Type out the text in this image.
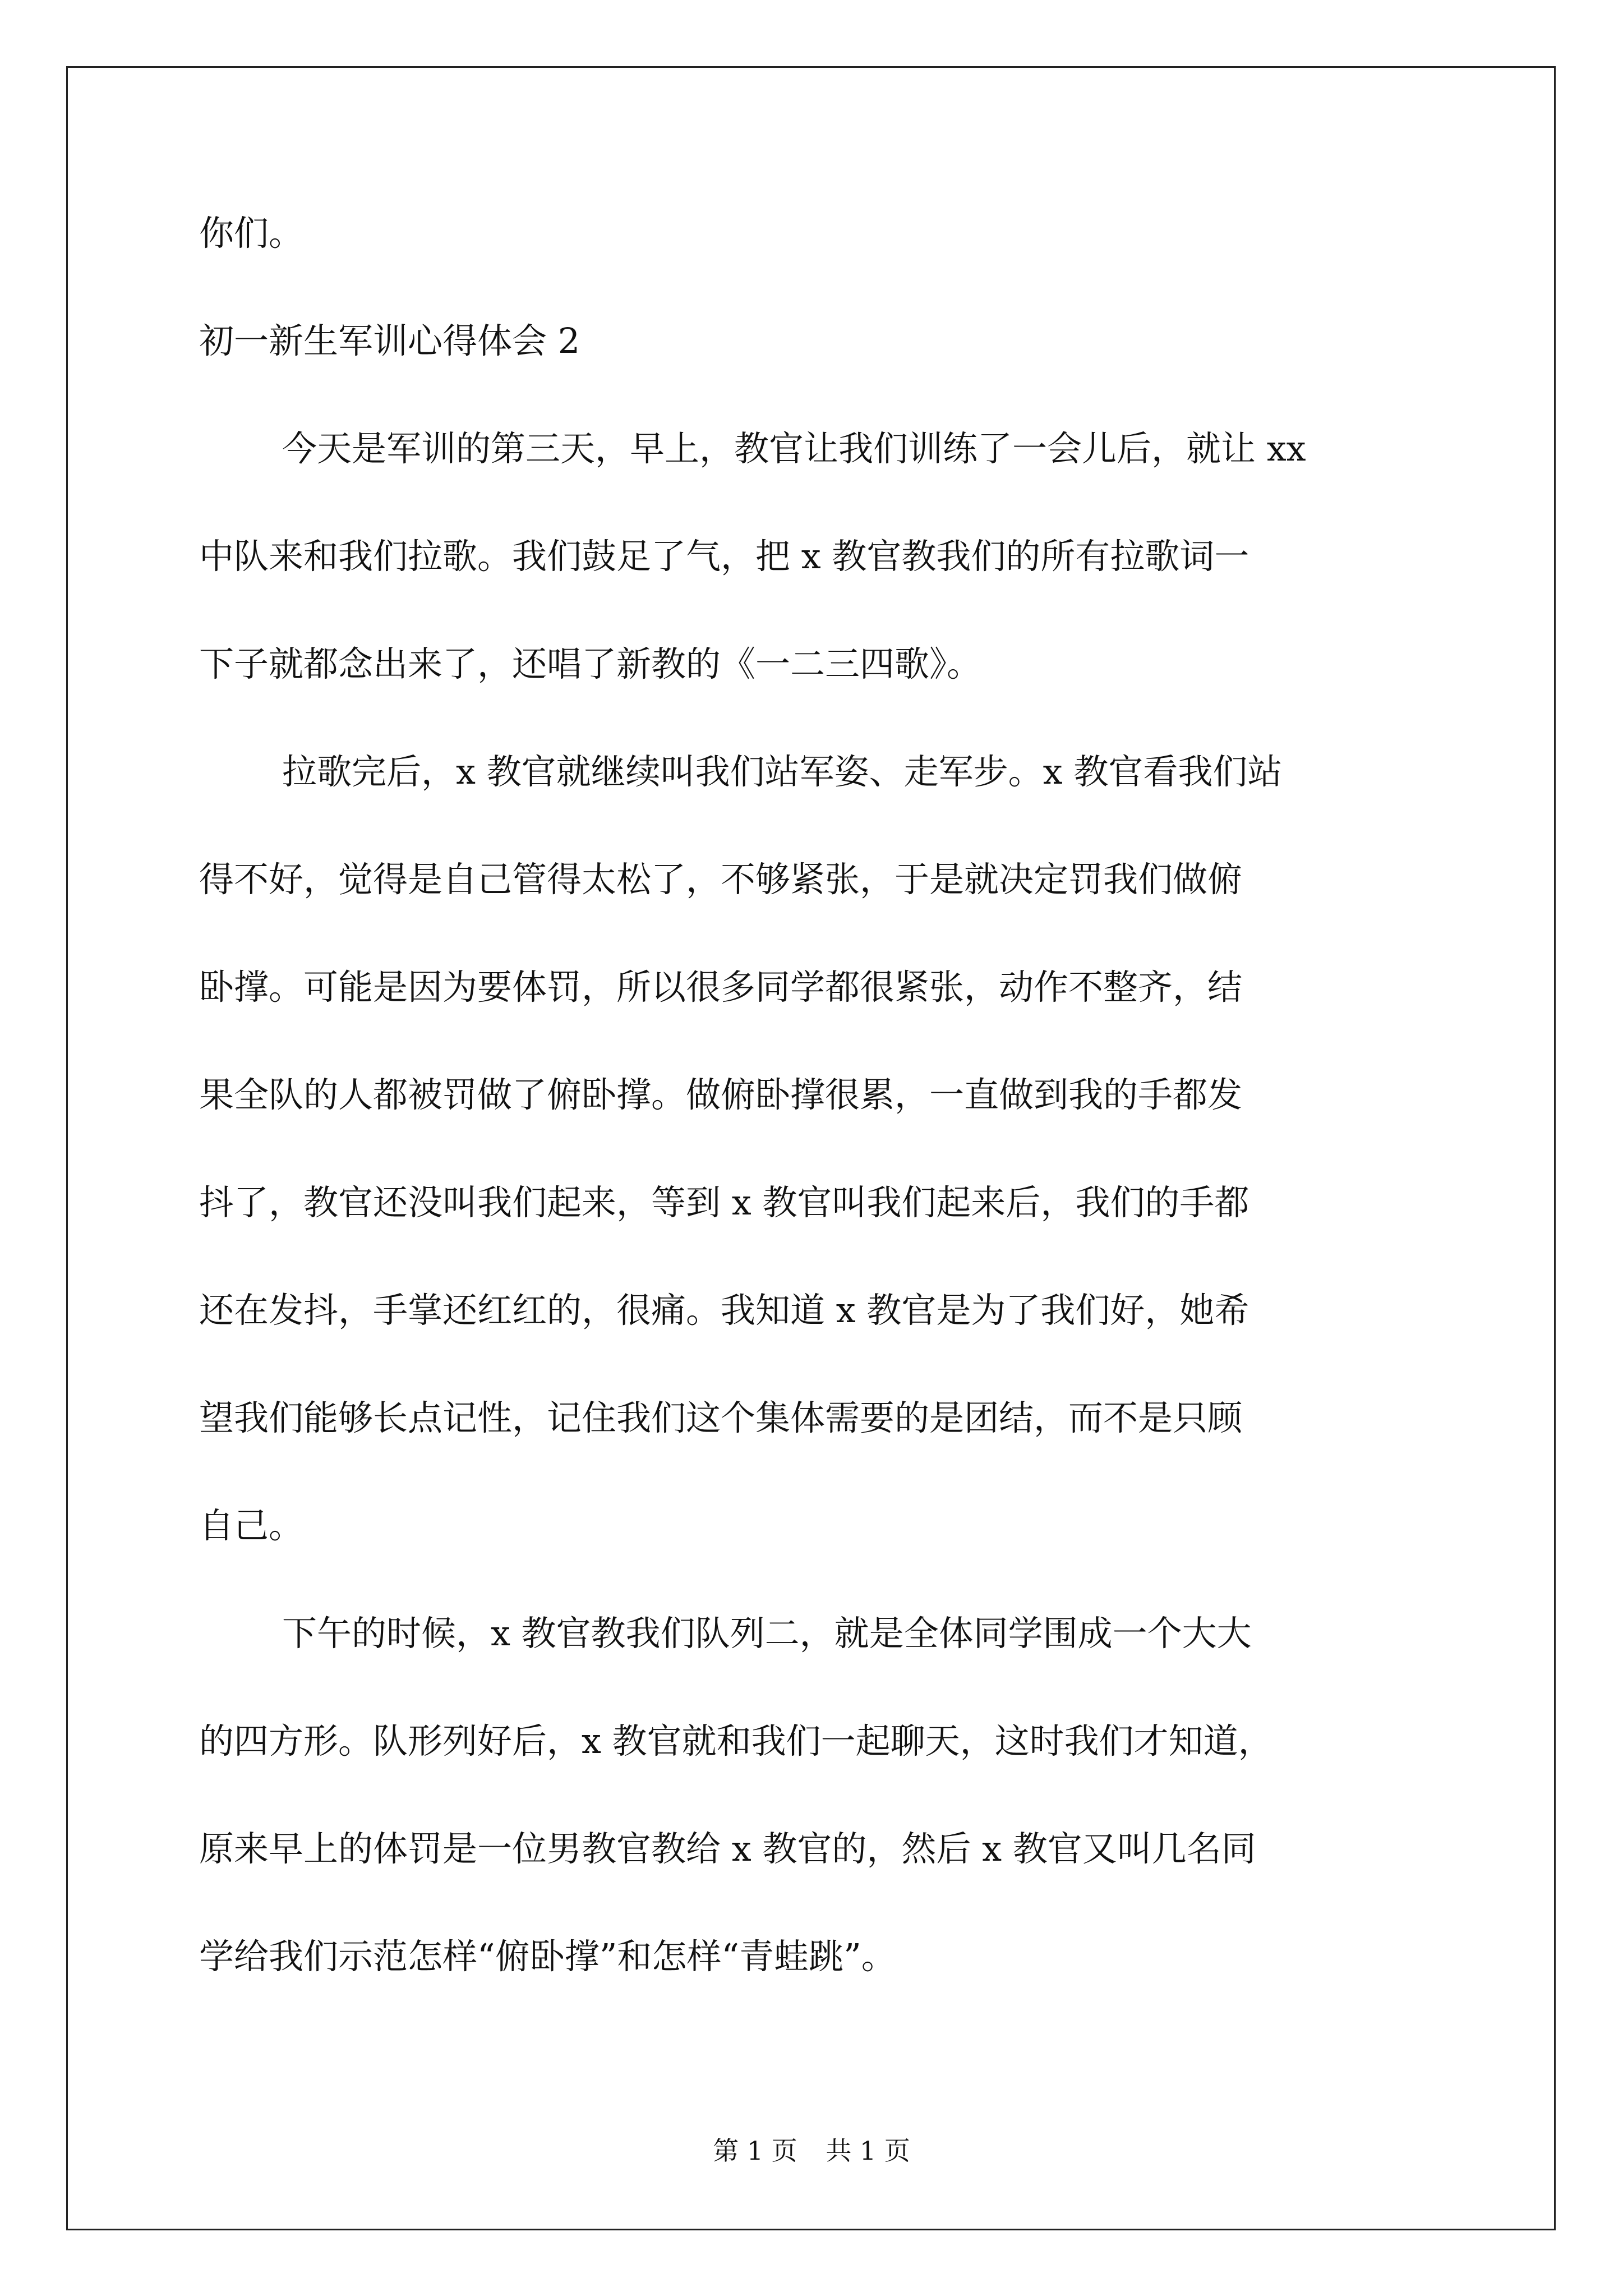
你们。
初一新生军训心得体会 2
今天是军训的第三天，早上，教官让我们训练了一会儿后，就让 xx
中队来和我们拉歌。我们鼓足了气，把 x 教官教我们的所有拉歌词一
下子就都念出来了，还唱了新教的《一二三四歌》。
拉歌完后，x 教官就继续叫我们站军姿、走军步。x 教官看我们站
得不好，觉得是自己管得太松了，不够紧张，于是就决定罚我们做俯
卧撑。可能是因为要体罚，所以很多同学都很紧张，动作不整齐，结
果全队的人都被罚做了俯卧撑。做俯卧撑很累，一直做到我的手都发
抖了，教官还没叫我们起来，等到 x 教官叫我们起来后，我们的手都
还在发抖，手掌还红红的，很痛。我知道 x 教官是为了我们好，她希
望我们能够长点记性，记住我们这个集体需要的是团结，而不是只顾
自己。
下午的时候，x 教官教我们队列二，就是全体同学围成一个大大
的四方形。队形列好后，x 教官就和我们一起聊天，这时我们才知道，
原来早上的体罚是一位男教官教给 x 教官的，然后 x 教官又叫几名同
学给我们示范怎样“俯卧撑”和怎样“青蛙跳”。
第 1 页 共 1 页
